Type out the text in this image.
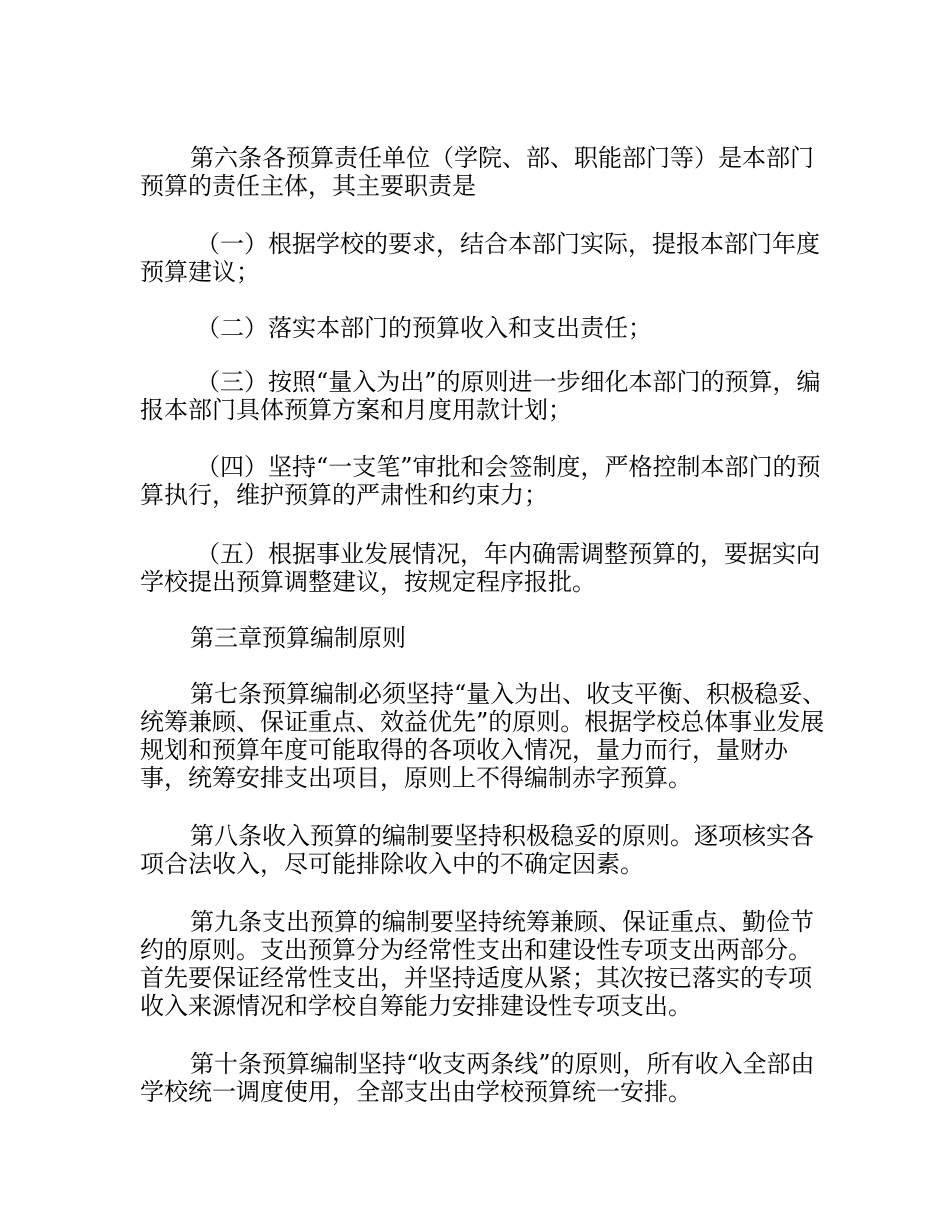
第六条各预算责任单位（学院、部、职能部门等）是本部门预算的责任主体，其主要职责是

（一）根据学校的要求，结合本部门实际，提报本部门年度预算建议；

（二）落实本部门的预算收入和支出责任；

（三）按照“量入为出”的原则进一步细化本部门的预算，编报本部门具体预算方案和月度用款计划；

（四）坚持“一支笔”审批和会签制度，严格控制本部门的预算执行，维护预算的严肃性和约束力；

（五）根据事业发展情况，年内确需调整预算的，要据实向学校提出预算调整建议，按规定程序报批。

第三章预算编制原则

第七条预算编制必须坚持“量入为出、收支平衡、积极稳妥、统筹兼顾、保证重点、效益优先”的原则。根据学校总体事业发展规划和预算年度可能取得的各项收入情况，量力而行，量财办事，统筹安排支出项目，原则上不得编制赤字预算。

第八条收入预算的编制要坚持积极稳妥的原则。逐项核实各项合法收入，尽可能排除收入中的不确定因素。

第九条支出预算的编制要坚持统筹兼顾、保证重点、勤俭节约的原则。支出预算分为经常性支出和建设性专项支出两部分。首先要保证经常性支出，并坚持适度从紧；其次按已落实的专项收入来源情况和学校自筹能力安排建设性专项支出。

第十条预算编制坚持“收支两条线”的原则，所有收入全部由学校统一调度使用，全部支出由学校预算统一安排。
